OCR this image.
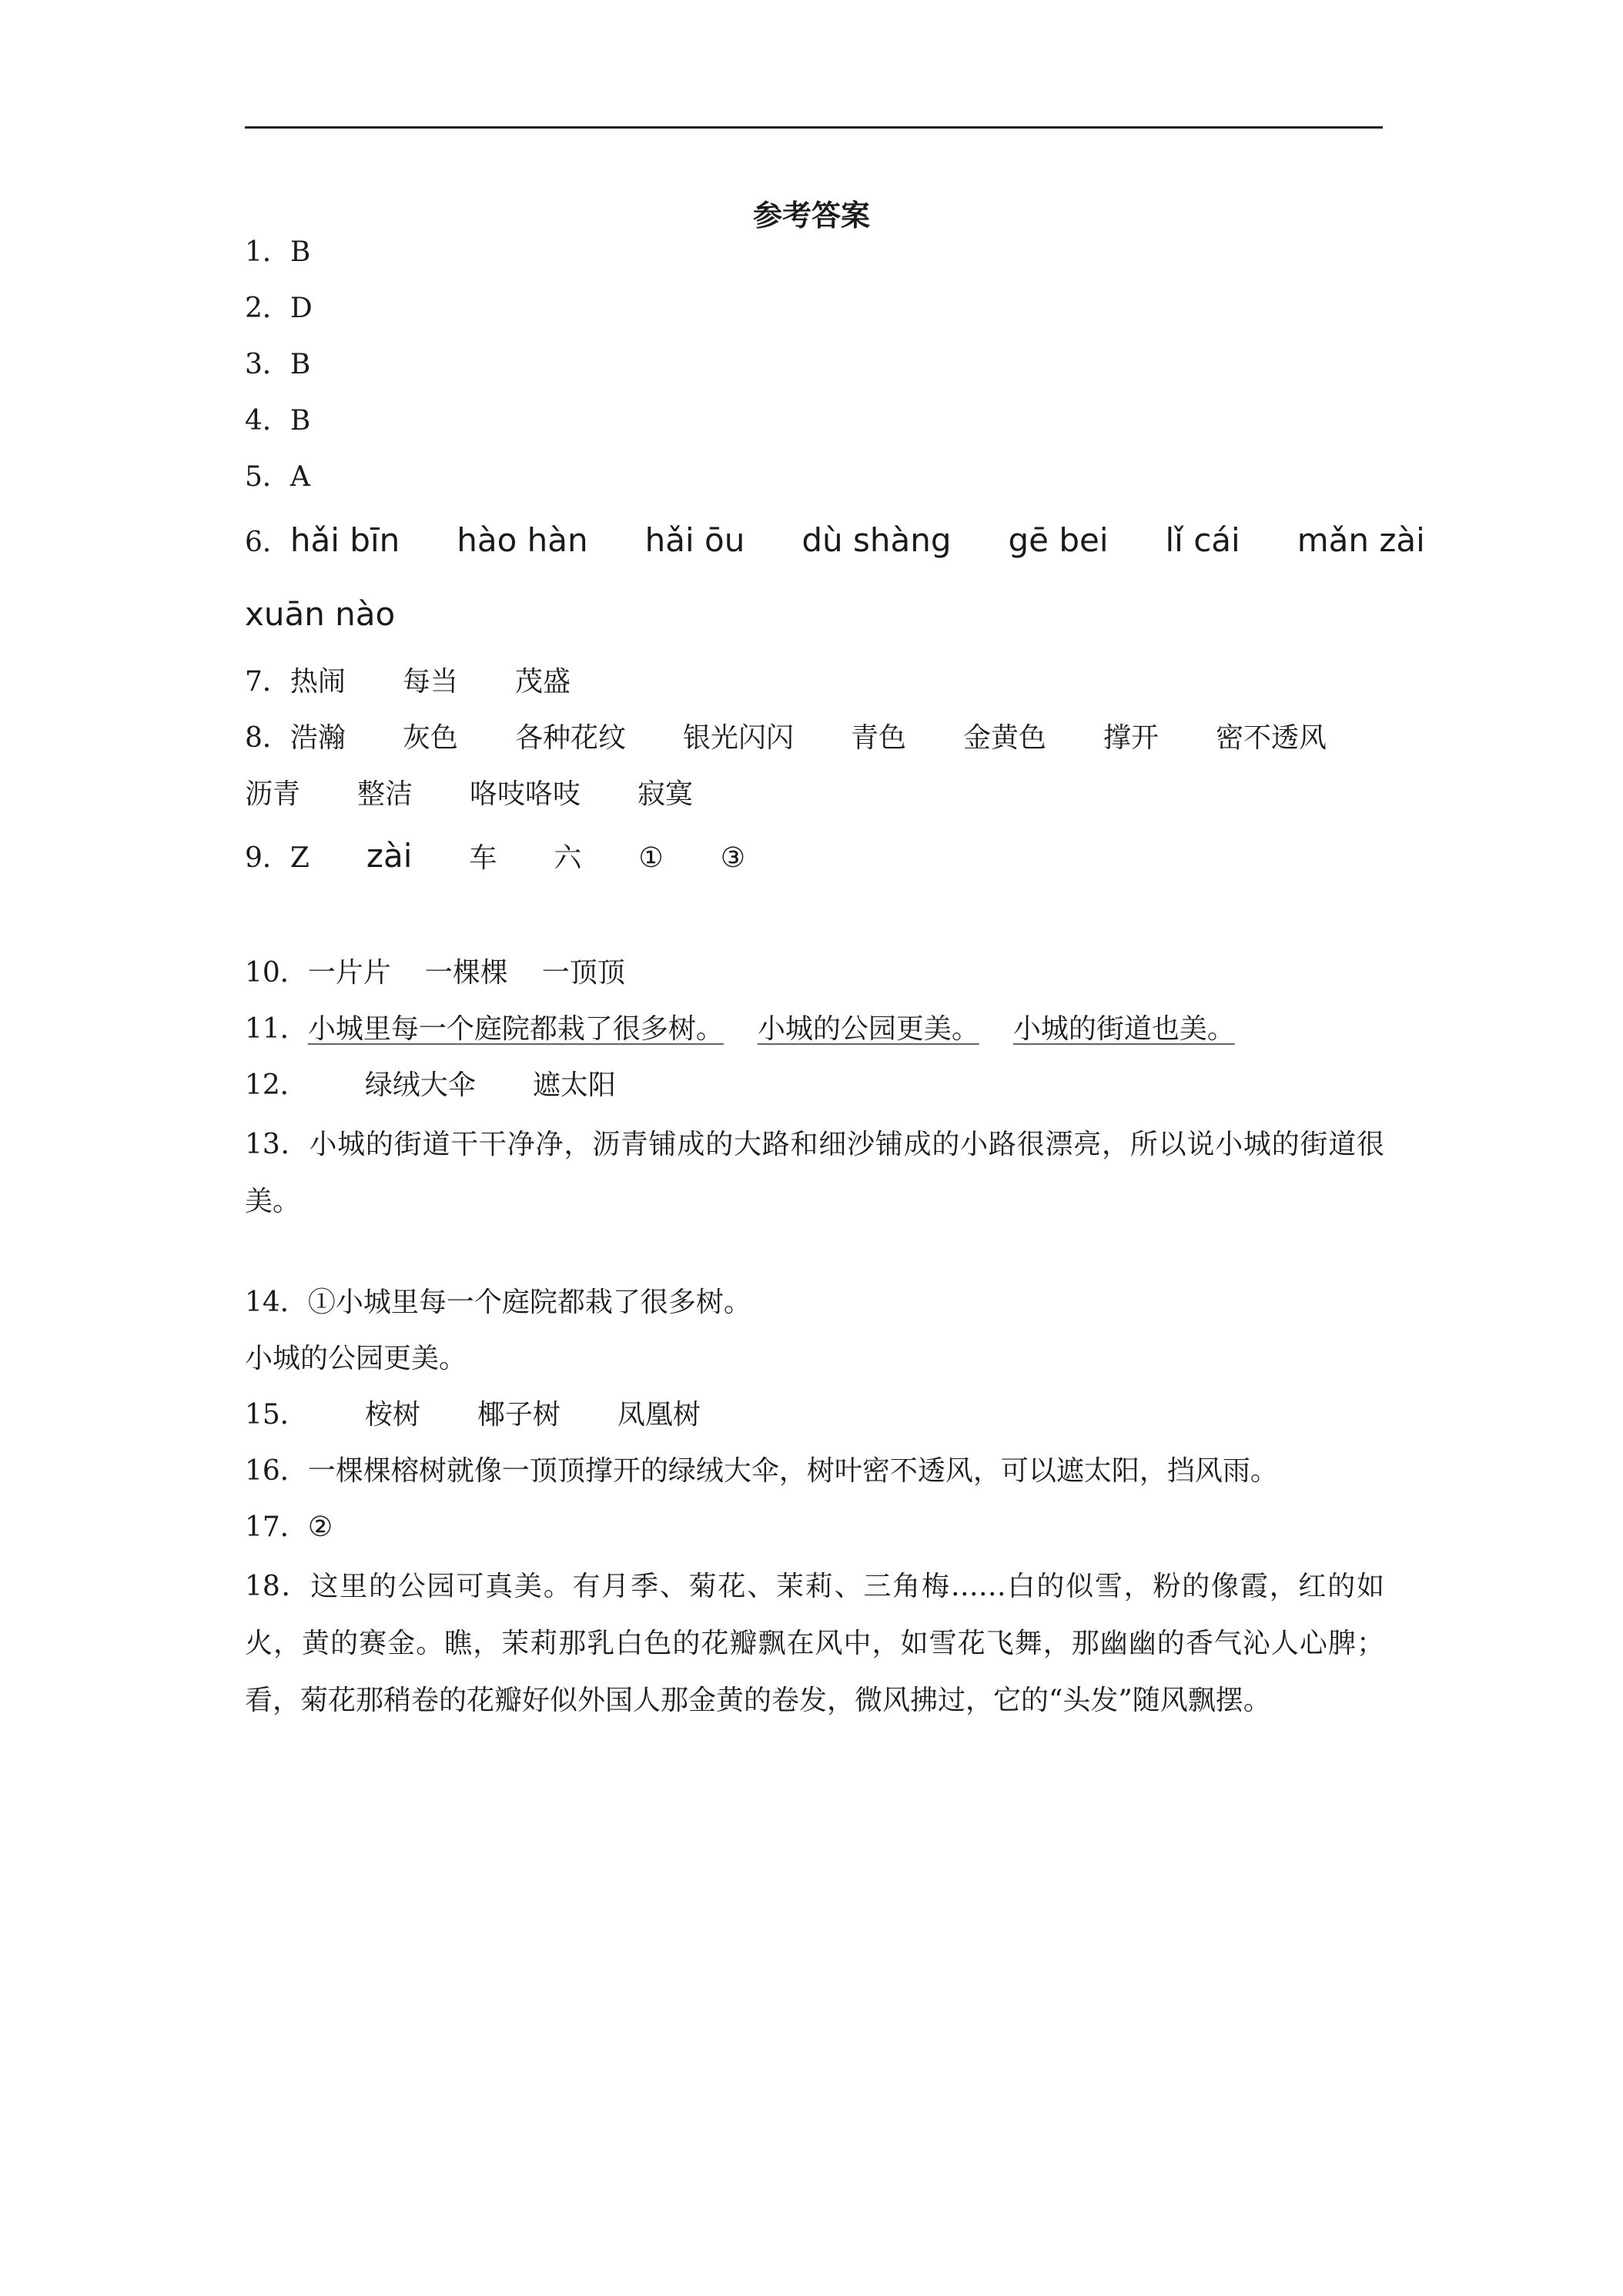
参考答案
1．B
2．D
3．B
4．B
5．A
6．hǎi bīn hào hàn hǎi ōu dù shàng gē bei lǐ cái mǎn zài
xuān nào
7．热闹 每当 茂盛
8．浩瀚 灰色 各种花纹 银光闪闪 青色 金黄色 撑开 密不透风
沥青 整洁 咯吱咯吱 寂寞
9．Z zài 车 六 ① ③
10．一片片 一棵棵 一顶顶
11．小城里每一个庭院都栽了很多树。 小城的公园更美。 小城的街道也美。
12． 绿绒大伞 遮太阳
13．小城的街道干干净净，沥青铺成的大路和细沙铺成的小路很漂亮，所以说小城的街道很美。
14．①小城里每一个庭院都栽了很多树。
小城的公园更美。
15． 桉树 椰子树 凤凰树
16．一棵棵榕树就像一顶顶撑开的绿绒大伞，树叶密不透风，可以遮太阳，挡风雨。
17．②
18．这里的公园可真美。有月季、菊花、茉莉、三角梅……白的似雪，粉的像霞，红的如火，黄的赛金。瞧，茉莉那乳白色的花瓣飘在风中，如雪花飞舞，那幽幽的香气沁人心脾；看，菊花那稍卷的花瓣好似外国人那金黄的卷发，微风拂过，它的“头发”随风飘摆。
